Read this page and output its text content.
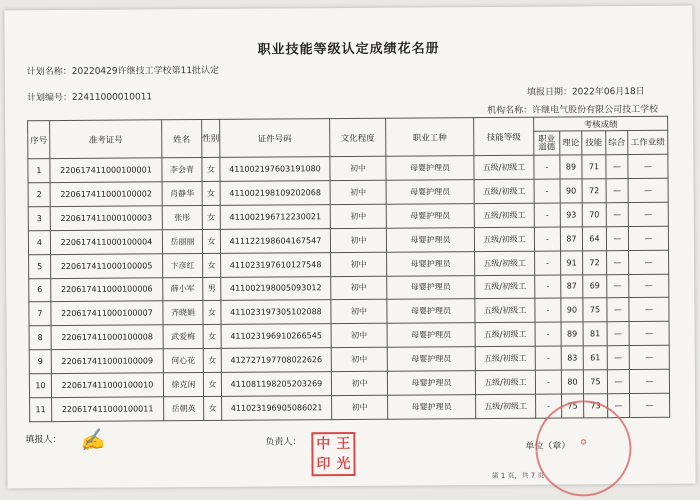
职业技能等级认定成绩花名册
计划名称：20220429许继技工学校第11批认定
计划编号：22411000010011	填报日期：2022年06月18日
机构名称：许继电气股份有限公司技工学校
序号	准考证号	姓名	性别	证件号码	文化程度	职业工种	技能等级	考核成绩				
								职业道德	理论	技能	综合	工作业绩
1	220617411000100001	李会青	女	411002197603191080	初中	母婴护理员	五级/初级工	-	89	71	—	—
2	220617411000100002	肖静华	女	411002198109202068	初中	母婴护理员	五级/初级工	-	90	72	—	—
3	220617411000100003	张彤	女	411002196712230021	初中	母婴护理员	五级/初级工	-	93	70	—	—
4	220617411000100004	岳丽丽	女	411122198604167547	初中	母婴护理员	五级/初级工	-	87	64	—	—
5	220617411000100005	卞彦红	女	411023197610127548	初中	母婴护理员	五级/初级工	-	91	72	—	—
6	220617411000100006	薛小军	男	411002198005093012	初中	母婴护理员	五级/初级工	-	87	69	—	—
7	220617411000100007	齐晓娟	女	411023197305102088	初中	母婴护理员	五级/初级工	-	90	75	—	—
8	220617411000100008	武爱梅	女	411023196910266545	初中	母婴护理员	五级/初级工	-	89	81	—	—
9	220617411000100009	何心花	女	412727197708022626	初中	母婴护理员	五级/初级工	-	83	61	—	—
10	220617411000100010	徐克闲	女	411081198205203269	初中	母婴护理员	五级/初级工	-	80	75	—	—
11	220617411000100011	岳朝英	女	411023196905086021	初中	母婴护理员	五级/初级工	-	75	73	—	—
填报人： ✍	负责人： 中 王
印 光
单位（章）	✪
第 1 页，共 7 页
